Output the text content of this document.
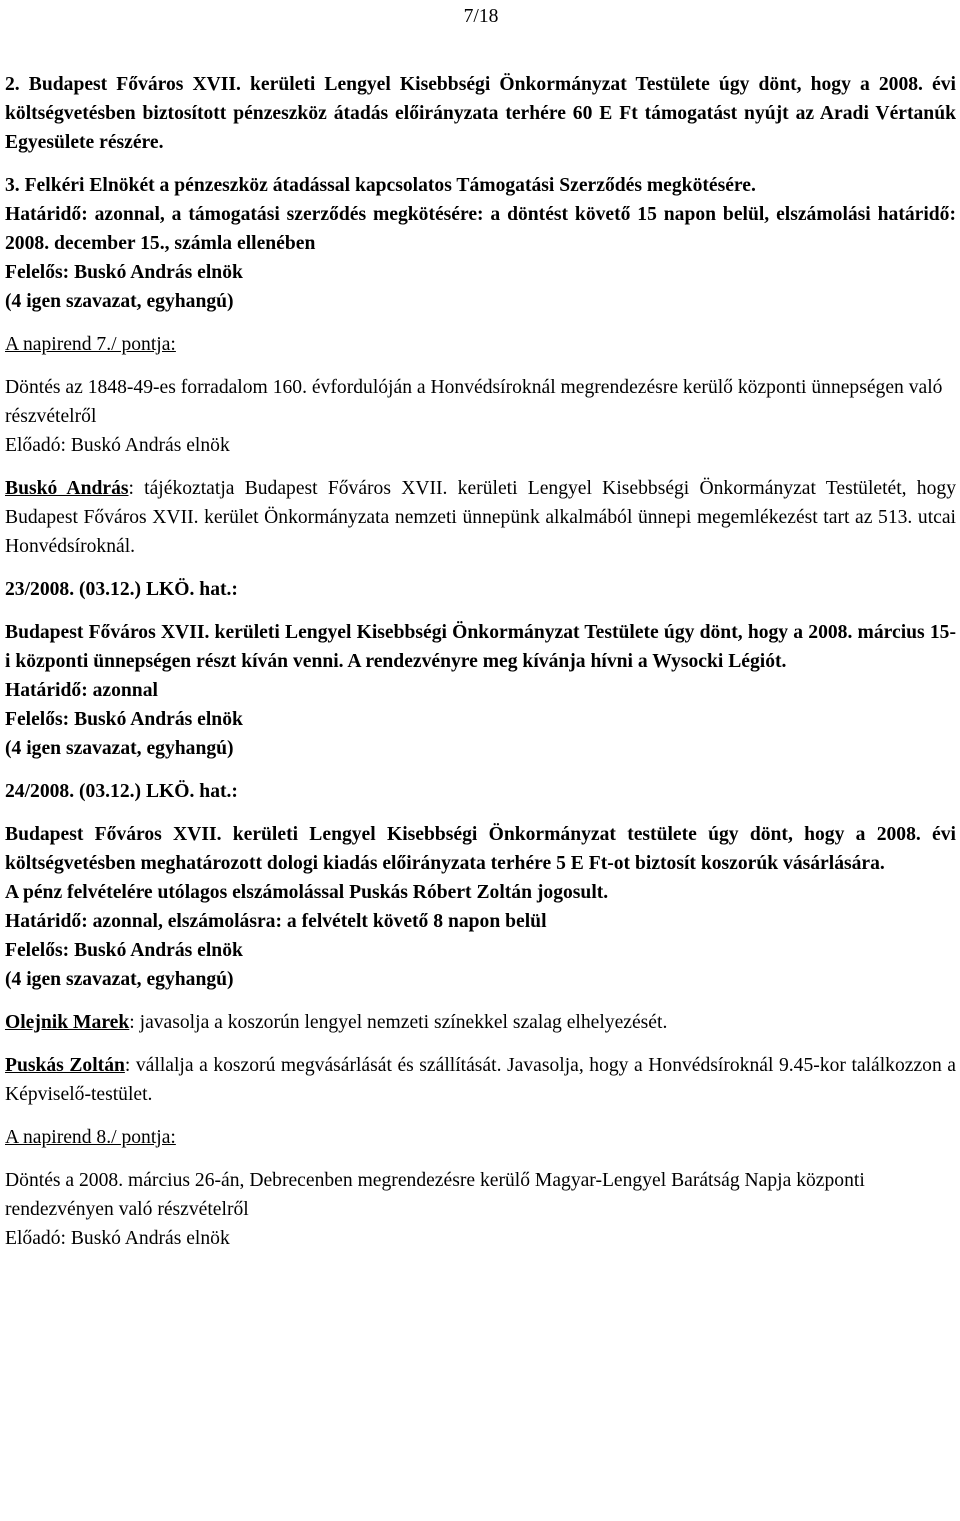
7/18

2. Budapest Főváros XVII. kerületi Lengyel Kisebbségi Önkormányzat Testülete úgy dönt, hogy a 2008. évi költségvetésben biztosított pénzeszköz átadás előirányzata terhére 60 E Ft támogatást nyújt az Aradi Vértanúk Egyesülete részére.

3. Felkéri Elnökét a pénzeszköz átadással kapcsolatos Támogatási Szerződés megkötésére.

Határidő: azonnal, a támogatási szerződés megkötésére: a döntést követő 15 napon belül, elszámolási határidő: 2008. december 15., számla ellenében

Felelős: Buskó András elnök

(4 igen szavazat, egyhangú)

A napirend 7./ pontja:

Döntés az 1848-49-es forradalom 160. évfordulóján a Honvédsíroknál megrendezésre kerülő központi ünnepségen való részvételről

Előadó: Buskó András elnök

Buskó András: tájékoztatja Budapest Főváros XVII. kerületi Lengyel Kisebbségi Önkormányzat Testületét, hogy Budapest Főváros XVII. kerület Önkormányzata nemzeti ünnepünk alkalmából ünnepi megemlékezést tart az 513. utcai Honvédsíroknál.

23/2008. (03.12.) LKÖ. hat.:

Budapest Főváros XVII. kerületi Lengyel Kisebbségi Önkormányzat Testülete úgy dönt, hogy a 2008. március 15-i központi ünnepségen részt kíván venni. A rendezvényre meg kívánja hívni a Wysocki Légiót.

Határidő: azonnal

Felelős: Buskó András elnök

(4 igen szavazat, egyhangú)

24/2008. (03.12.) LKÖ. hat.:

Budapest Főváros XVII. kerületi Lengyel Kisebbségi Önkormányzat testülete úgy dönt, hogy a 2008. évi költségvetésben meghatározott dologi kiadás előirányzata terhére 5 E Ft-ot biztosít koszorúk vásárlására.

A pénz felvételére utólagos elszámolással Puskás Róbert Zoltán jogosult.

Határidő: azonnal, elszámolásra: a felvételt követő 8 napon belül

Felelős: Buskó András elnök

(4 igen szavazat, egyhangú)

Olejnik Marek: javasolja a koszorún lengyel nemzeti színekkel szalag elhelyezését.

Puskás Zoltán: vállalja a koszorú megvásárlását és szállítását. Javasolja, hogy a Honvédsíroknál 9.45-kor találkozzon a Képviselő-testület.

A napirend 8./ pontja:

Döntés a 2008. március 26-án, Debrecenben megrendezésre kerülő Magyar-Lengyel Barátság Napja központi rendezvényen való részvételről

Előadó: Buskó András elnök
